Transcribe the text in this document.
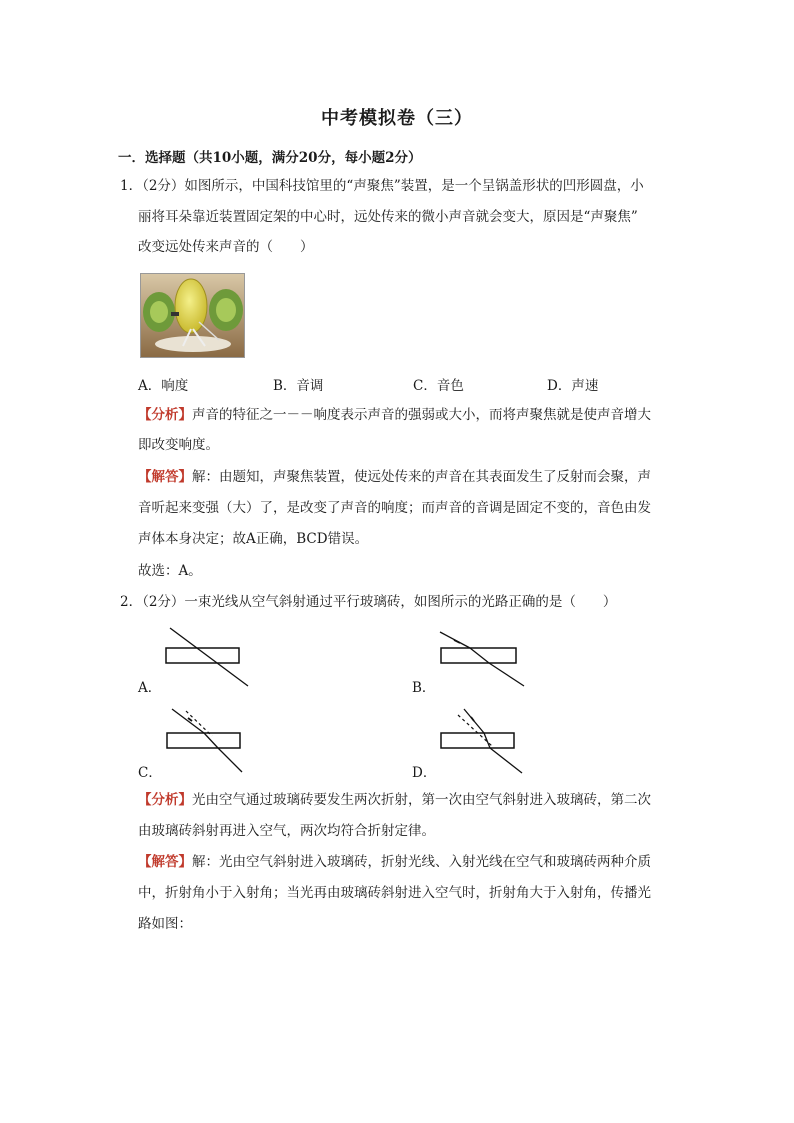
中考模拟卷（三）
一．选择题（共10小题，满分20分，每小题2分）
1．（2分）如图所示，中国科技馆里的“声聚焦”装置，是一个呈锅盖形状的凹形圆盘，小
丽将耳朵靠近装置固定架的中心时，远处传来的微小声音就会变大，原因是“声聚焦”
改变远处传来声音的（　　）
A．响度	B．音调	C．音色	D．声速
【分析】声音的特征之一－－响度表示声音的强弱或大小，而将声聚焦就是使声音增大
即改变响度。
【解答】解：由题知，声聚焦装置，使远处传来的声音在其表面发生了反射而会聚，声
音听起来变强（大）了，是改变了声音的响度；而声音的音调是固定不变的，音色由发
声体本身决定；故A正确，BCD错误。
故选：A。
2．（2分）一束光线从空气斜射通过平行玻璃砖，如图所示的光路正确的是（　　）
A．	B．
C．	D．
【分析】光由空气通过玻璃砖要发生两次折射，第一次由空气斜射进入玻璃砖，第二次
由玻璃砖斜射再进入空气，两次均符合折射定律。
【解答】解：光由空气斜射进入玻璃砖，折射光线、入射光线在空气和玻璃砖两种介质
中，折射角小于入射角；当光再由玻璃砖斜射进入空气时，折射角大于入射角，传播光
路如图：
